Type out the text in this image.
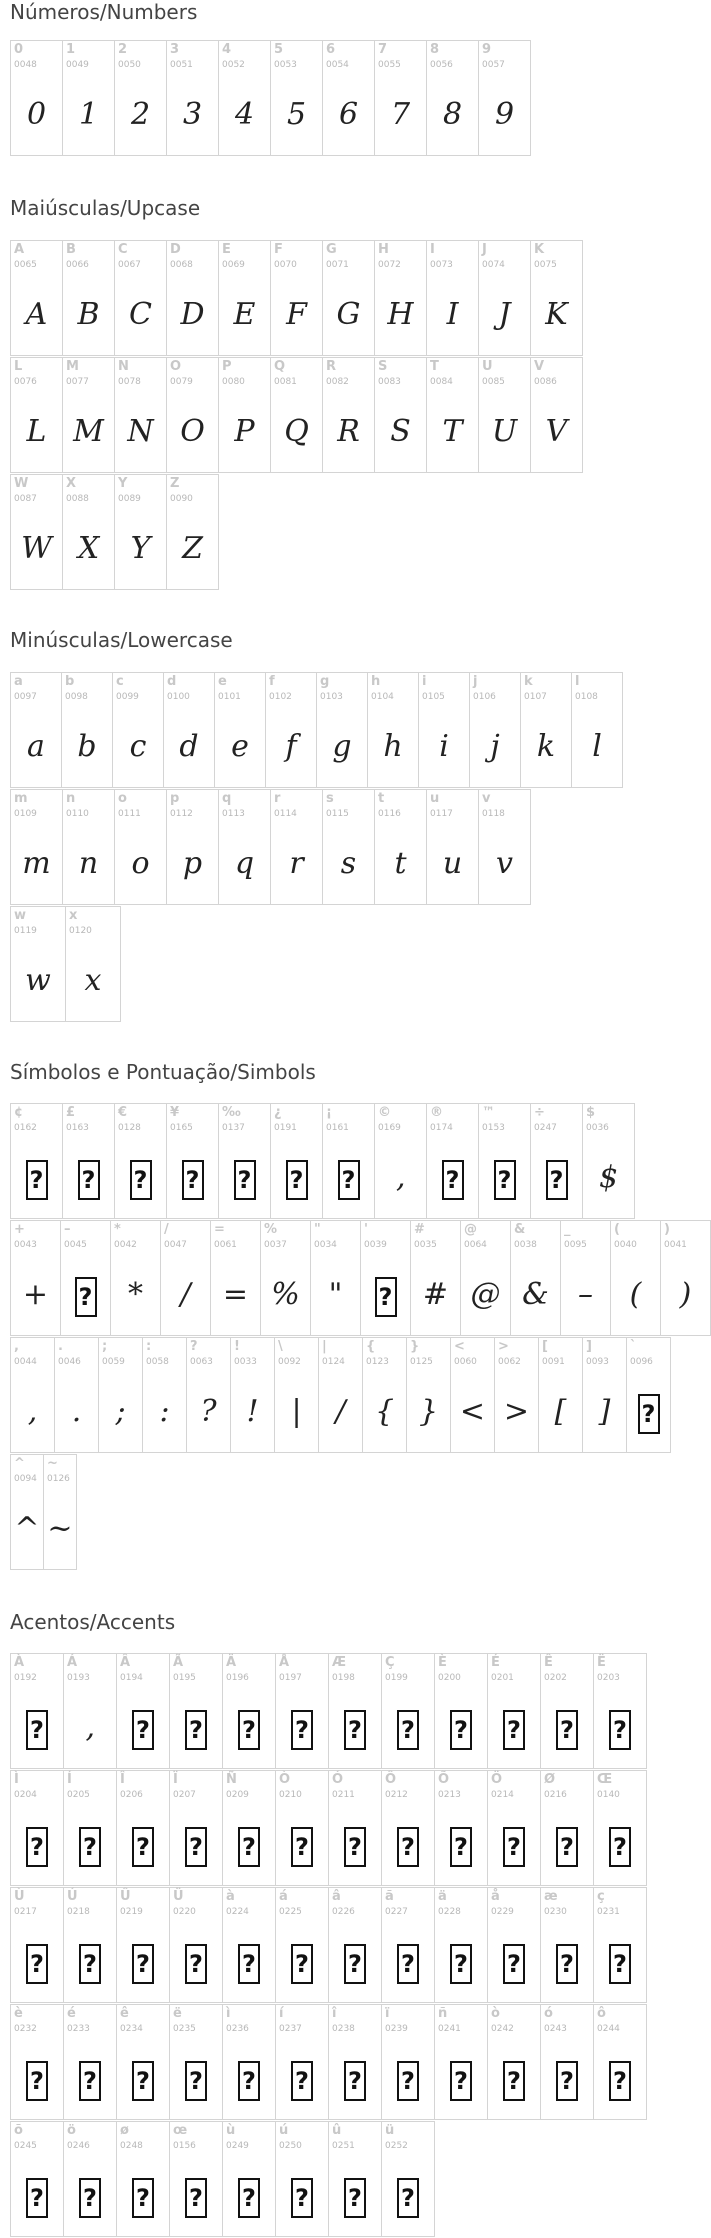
Números/Numbers
0
0048
0
1
0049
1
2
0050
2
3
0051
3
4
0052
4
5
0053
5
6
0054
6
7
0055
7
8
0056
8
9
0057
9
Maiúsculas/Upcase
A
0065
A
B
0066
B
C
0067
C
D
0068
D
E
0069
E
F
0070
F
G
0071
G
H
0072
H
I
0073
I
J
0074
J
K
0075
K
L
0076
L
M
0077
M
N
0078
N
O
0079
O
P
0080
P
Q
0081
Q
R
0082
R
S
0083
S
T
0084
T
U
0085
U
V
0086
V
W
0087
W
X
0088
X
Y
0089
Y
Z
0090
Z
Minúsculas/Lowercase
a
0097
a
b
0098
b
c
0099
c
d
0100
d
e
0101
e
f
0102
f
g
0103
g
h
0104
h
i
0105
i
j
0106
j
k
0107
k
l
0108
l
m
0109
m
n
0110
n
o
0111
o
p
0112
p
q
0113
q
r
0114
r
s
0115
s
t
0116
t
u
0117
u
v
0118
v
w
0119
w
x
0120
x
Símbolos e Pontuação/Simbols
¢
0162
?
£
0163
?
€
0128
?
¥
0165
?
‰
0137
?
¿
0191
?
¡
0161
?
©
0169
‚
®
0174
?
™
0153
?
÷
0247
?
$
0036
$
+
0043
+
–
0045
?
*
0042
*
/
0047
/
=
0061
=
%
0037
%
"
0034
"
'
0039
?
#
0035
#
@
0064
@
&
0038
&
_
0095
–
(
0040
(
)
0041
)
,
0044
,
.
0046
.
;
0059
;
:
0058
:
?
0063
?
!
0033
!
\
0092
|
|
0124
/
{
0123
{
}
0125
}
<
0060
<
>
0062
>
[
0091
[
]
0093
]
`
0096
?
^
0094
^
~
0126
~
Acentos/Accents
À
0192
?
Á
0193
‚
Â
0194
?
Ã
0195
?
Ä
0196
?
Å
0197
?
Æ
0198
?
Ç
0199
?
È
0200
?
É
0201
?
Ê
0202
?
Ë
0203
?
Ì
0204
?
Í
0205
?
Î
0206
?
Ï
0207
?
Ñ
0209
?
Ò
0210
?
Ó
0211
?
Ô
0212
?
Õ
0213
?
Ö
0214
?
Ø
0216
?
Œ
0140
?
Ù
0217
?
Ú
0218
?
Û
0219
?
Ü
0220
?
à
0224
?
á
0225
?
â
0226
?
ã
0227
?
ä
0228
?
å
0229
?
æ
0230
?
ç
0231
?
è
0232
?
é
0233
?
ê
0234
?
ë
0235
?
ì
0236
?
í
0237
?
î
0238
?
ï
0239
?
ñ
0241
?
ò
0242
?
ó
0243
?
ô
0244
?
õ
0245
?
ö
0246
?
ø
0248
?
œ
0156
?
ù
0249
?
ú
0250
?
û
0251
?
ü
0252
?
